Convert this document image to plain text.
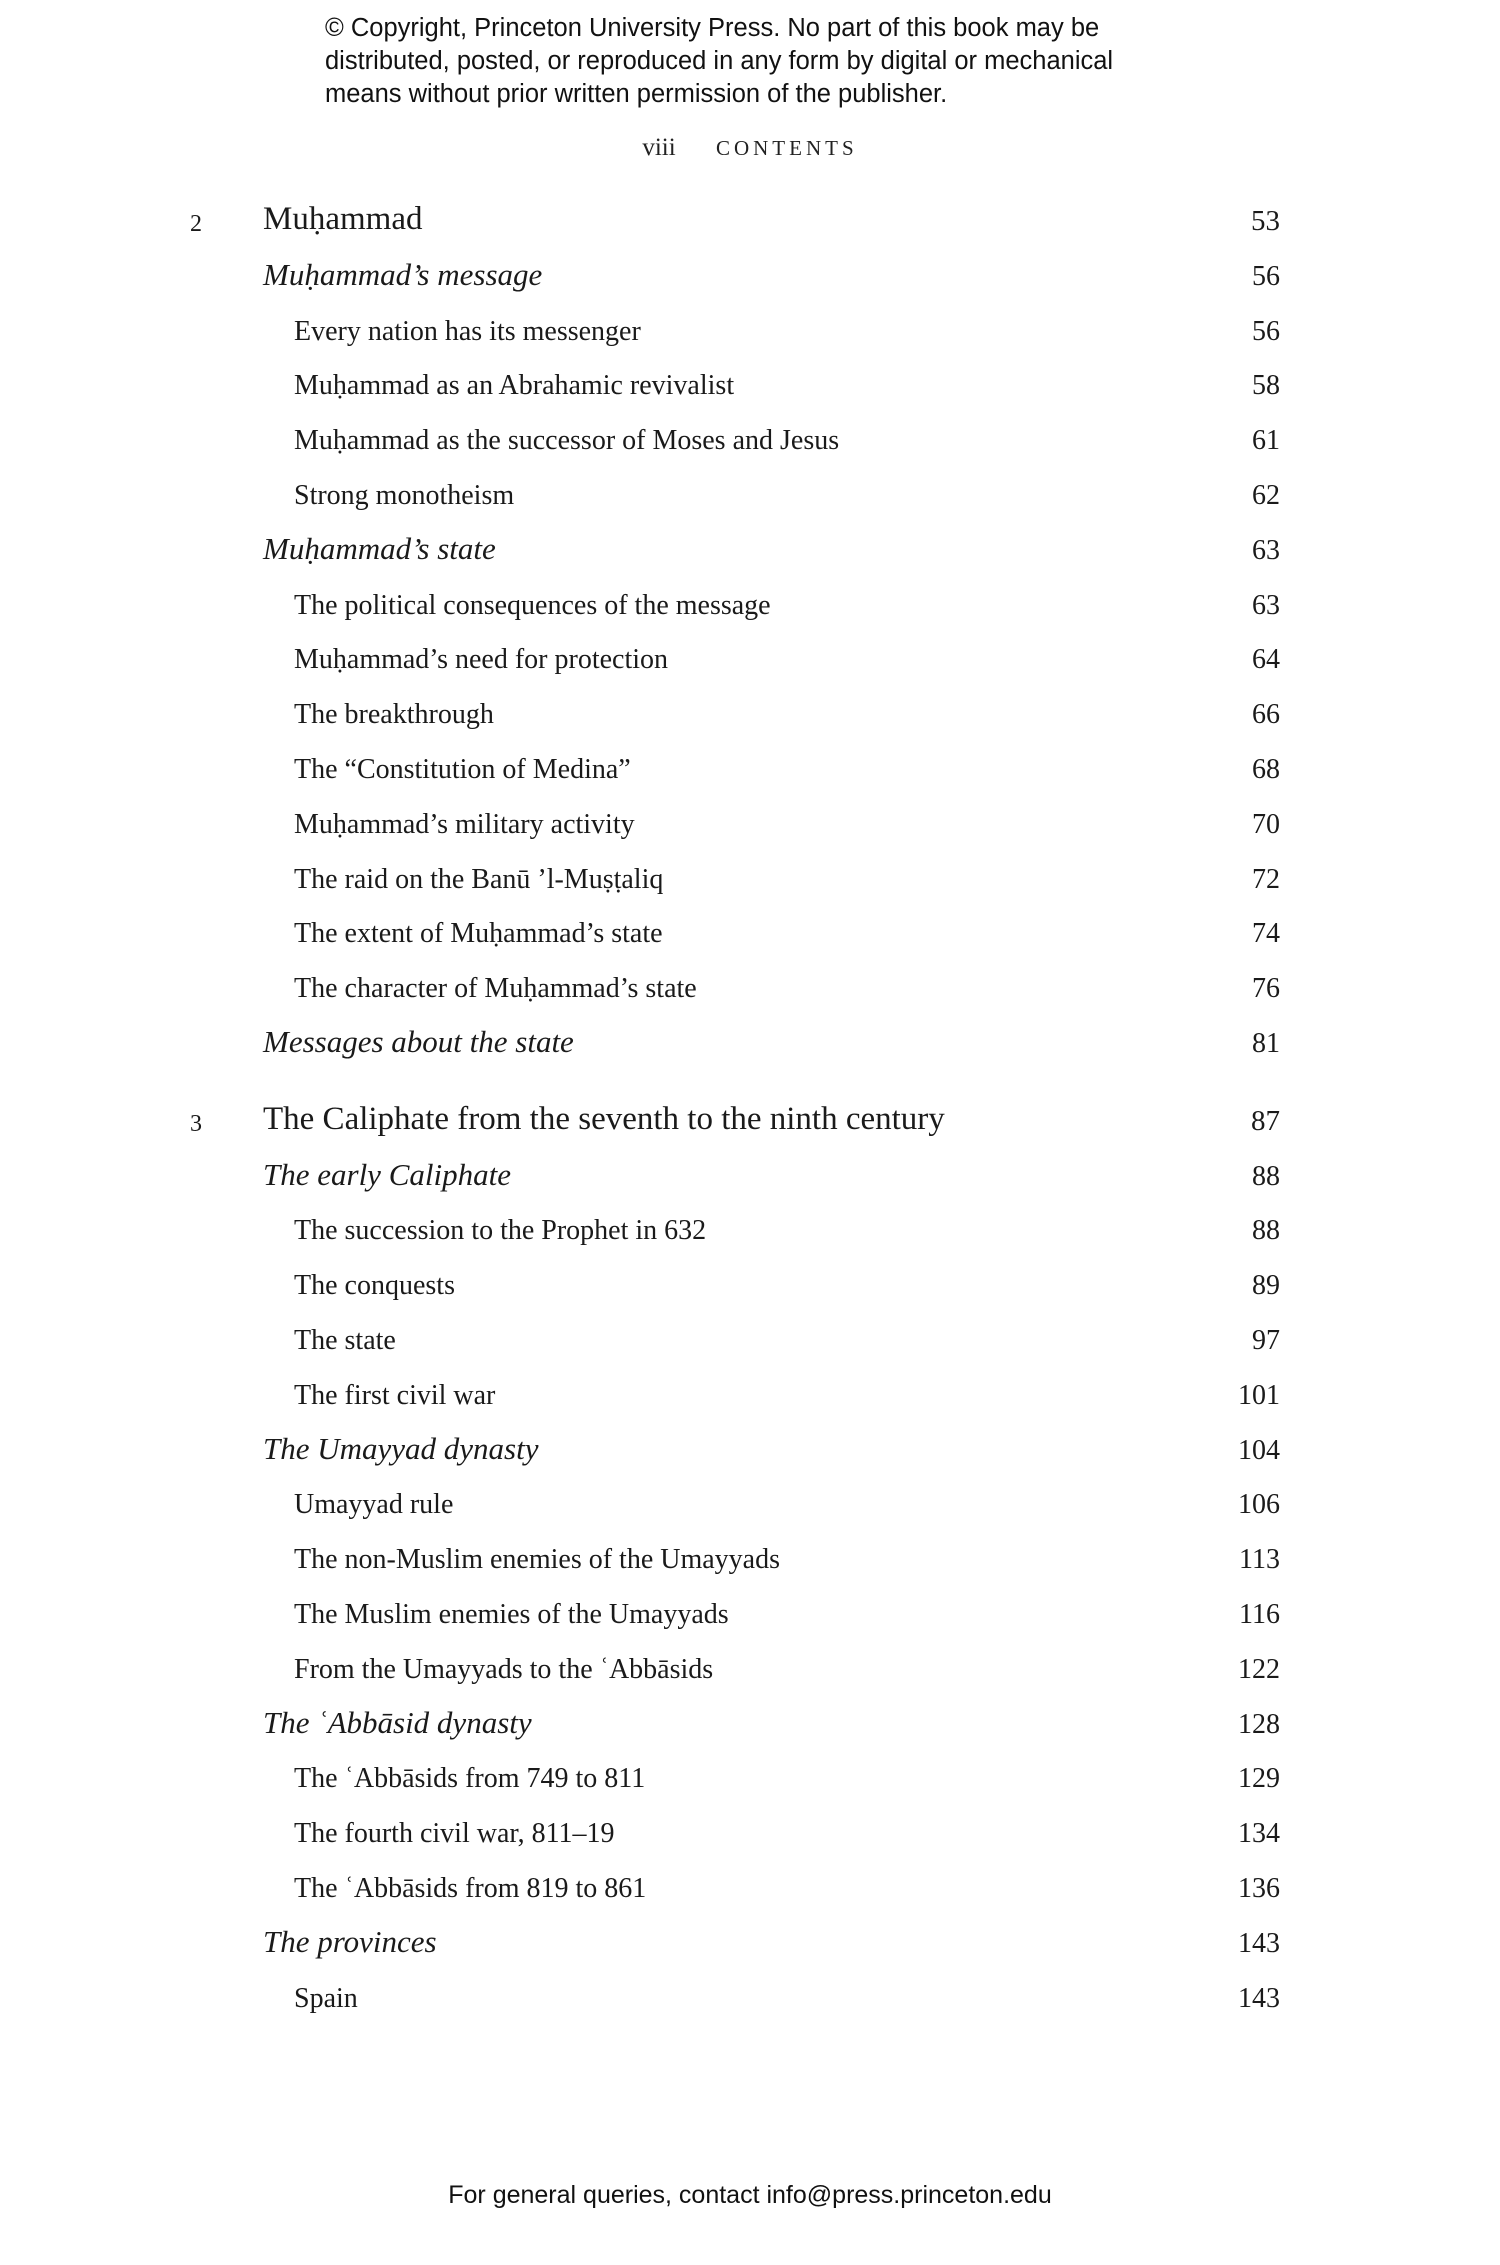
© Copyright, Princeton University Press. No part of this book may be
distributed, posted, or reproduced in any form by digital or mechanical
means without prior written permission of the publisher.
viii CONTENTS
2 Muḥammad	53
Muḥammad’s message	56
Every nation has its messenger	56
Muḥammad as an Abrahamic revivalist	58
Muḥammad as the successor of Moses and Jesus	61
Strong monotheism	62
Muḥammad’s state	63
The political consequences of the message	63
Muḥammad’s need for protection	64
The breakthrough	66
The “Constitution of Medina”	68
Muḥammad’s military activity	70
The raid on the Banū ’l-Muṣṭaliq	72
The extent of Muḥammad’s state	74
The character of Muḥammad’s state	76
Messages about the state	81
3 The Caliphate from the seventh to the ninth century	87
The early Caliphate	88
The succession to the Prophet in 632	88
The conquests	89
The state	97
The first civil war	101
The Umayyad dynasty	104
Umayyad rule	106
The non-Muslim enemies of the Umayyads	113
The Muslim enemies of the Umayyads	116
From the Umayyads to the ʿAbbāsids	122
The ʿAbbāsid dynasty	128
The ʿAbbāsids from 749 to 811	129
The fourth civil war, 811–19	134
The ʿAbbāsids from 819 to 861	136
The provinces	143
Spain	143
For general queries, contact info@press.princeton.edu
